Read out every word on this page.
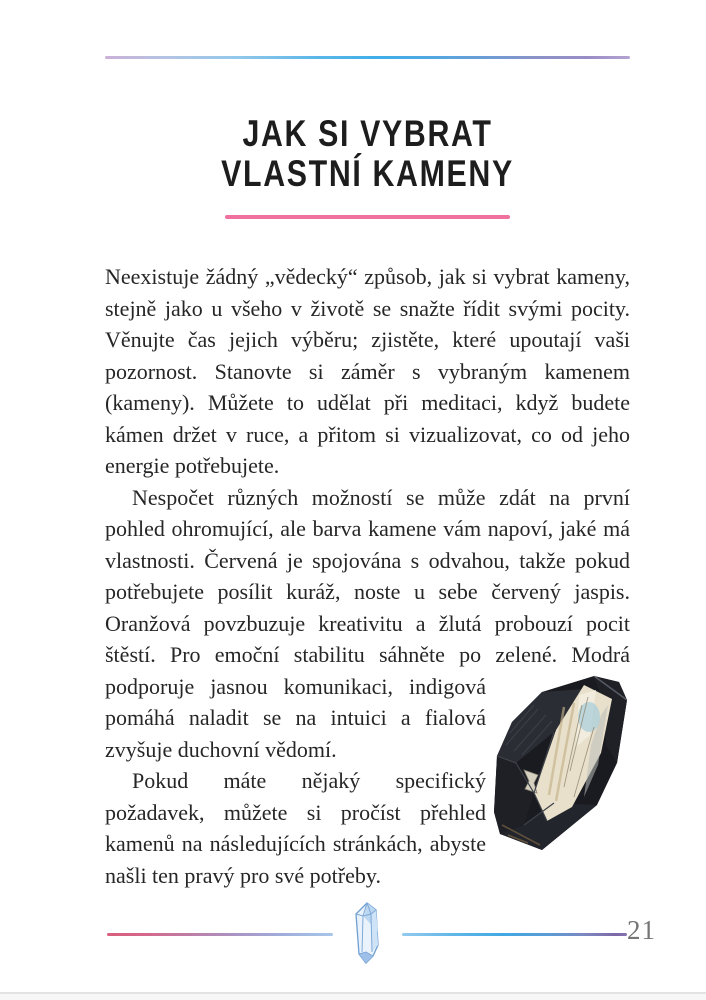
JAK SI VYBRAT
VLASTNÍ KAMENY

Neexistuje žádný „vědecký“ způsob, jak si vybrat kameny, stejně jako u všeho v životě se snažte řídit svými pocity. Věnujte čas jejich výběru; zjistěte, které upoutají vaši pozornost. Stanovte si záměr s vybraným kamenem (kameny). Můžete to udělat při meditaci, když budete kámen držet v ruce, a přitom si vizualizovat, co od jeho energie potřebujete.

Nespočet různých možností se může zdát na první pohled ohromující, ale barva kamene vám napoví, jaké má vlastnosti. Červená je spojována s odvahou, takže pokud potřebujete posílit kuráž, noste u sebe červený jaspis. Oranžová povzbuzuje kreativitu a žlutá probouzí pocit štěstí. Pro emoční stabilitu sáhněte po zelené. Modrá podporuje jasnou komunikaci,
indigová pomáhá naladit se na intuici a fialová zvyšuje duchovní vědomí.

Pokud máte nějaký specifický požadavek, můžete si pročíst přehled kamenů na následujících stránkách, abyste našli ten pravý pro své potřeby.

21
